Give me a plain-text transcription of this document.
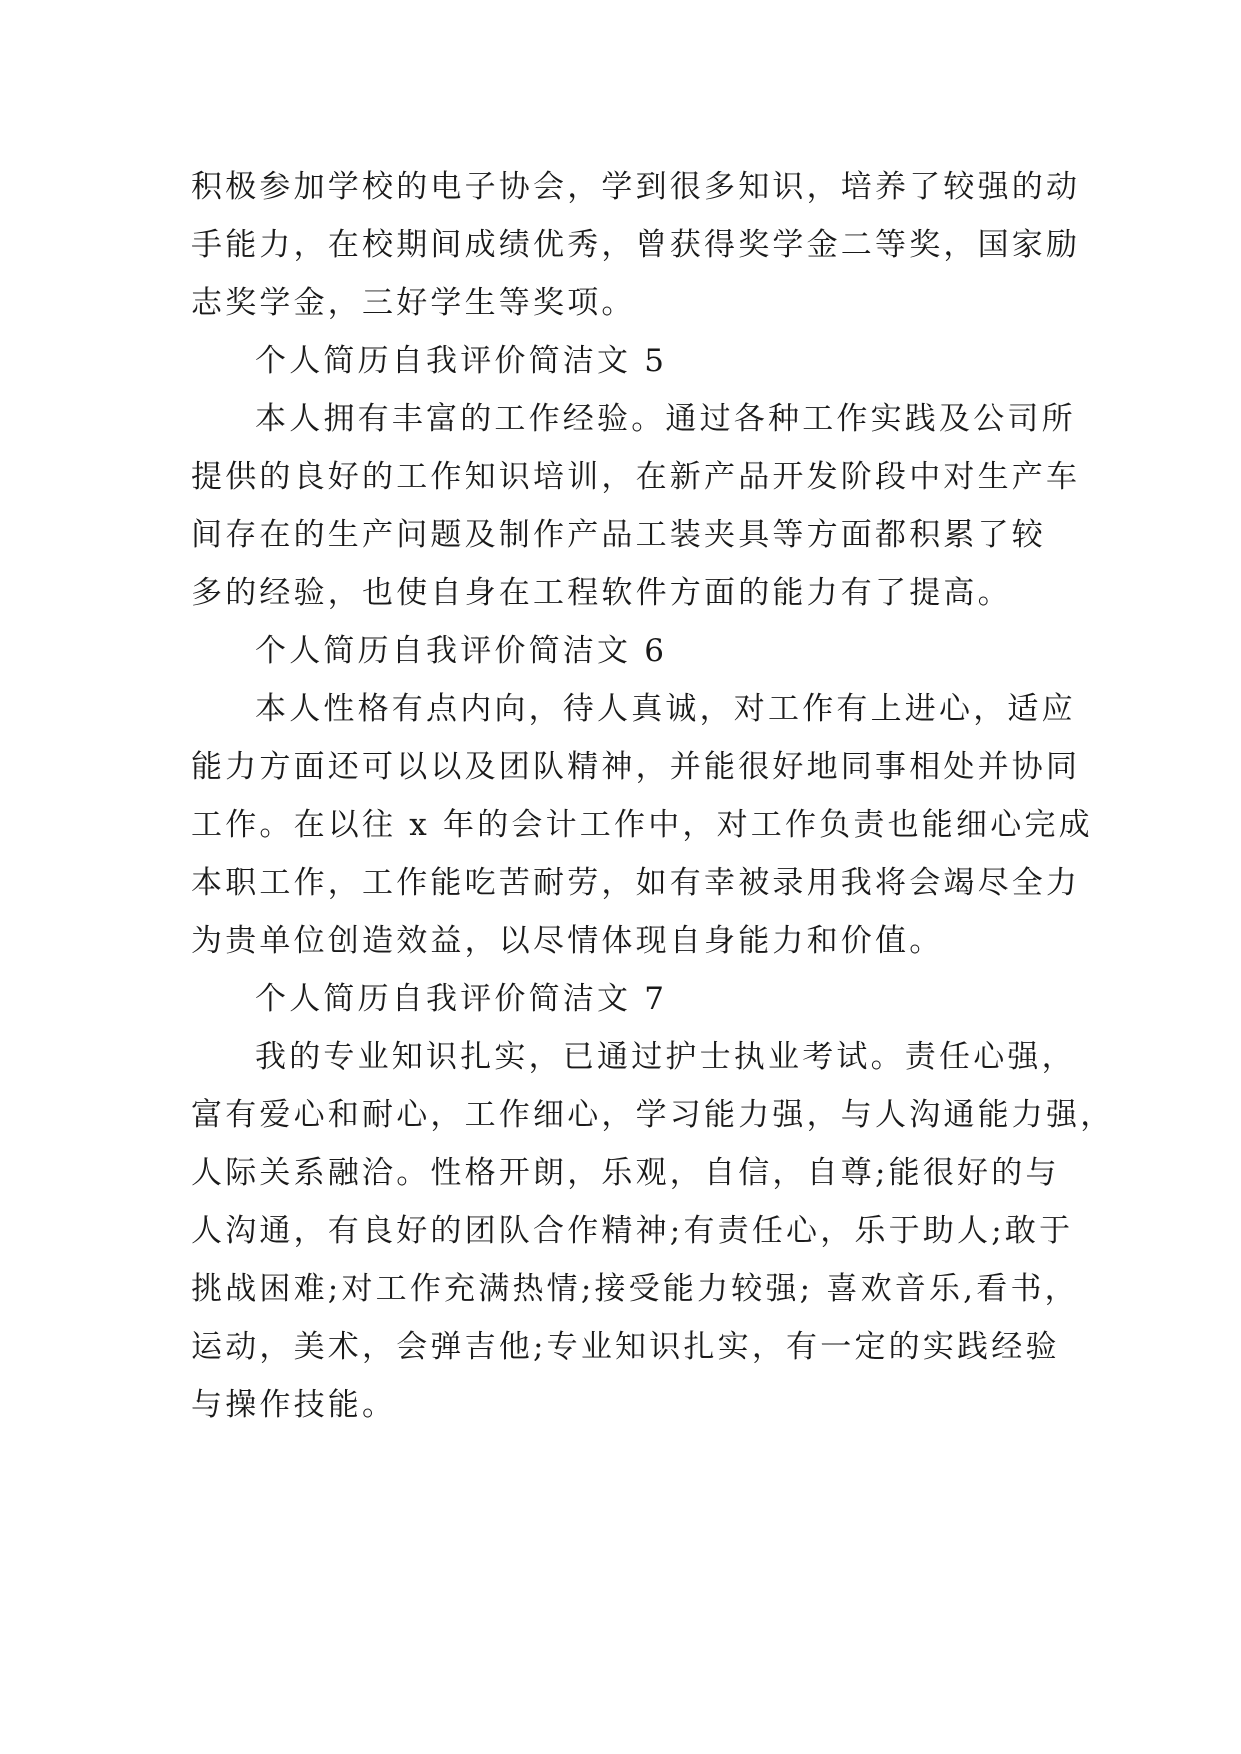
积极参加学校的电子协会，学到很多知识，培养了较强的动
手能力，在校期间成绩优秀，曾获得奖学金二等奖，国家励
志奖学金，三好学生等奖项。
个人简历自我评价简洁文 5
本人拥有丰富的工作经验。通过各种工作实践及公司所
提供的良好的工作知识培训，在新产品开发阶段中对生产车
间存在的生产问题及制作产品工装夹具等方面都积累了较
多的经验，也使自身在工程软件方面的能力有了提高。
个人简历自我评价简洁文 6
本人性格有点内向，待人真诚，对工作有上进心，适应
能力方面还可以以及团队精神，并能很好地同事相处并协同
工作。在以往 x 年的会计工作中，对工作负责也能细心完成
本职工作，工作能吃苦耐劳，如有幸被录用我将会竭尽全力
为贵单位创造效益，以尽情体现自身能力和价值。
个人简历自我评价简洁文 7
我的专业知识扎实，已通过护士执业考试。责任心强，
富有爱心和耐心，工作细心，学习能力强，与人沟通能力强，
人际关系融洽。性格开朗，乐观，自信，自尊;能很好的与
人沟通，有良好的团队合作精神;有责任心，乐于助人;敢于
挑战困难;对工作充满热情;接受能力较强; 喜欢音乐,看书，
运动，美术，会弹吉他;专业知识扎实，有一定的实践经验
与操作技能。
